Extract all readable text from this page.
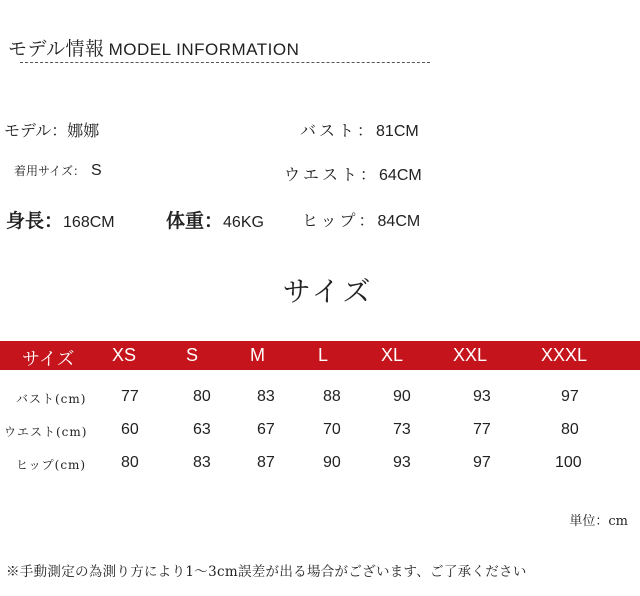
モデル情報 MODEL INFORMATION
モデル：娜娜
着用サイズ： S
身長：168CM	体重：46KG
バスト：81CM
ウエスト：64CM
ヒップ：84CM
サイズ
サイズ XS	S	M	L	XL	XXL	XXXL
バスト(cm) 77	80	83	88	90	93	97
ウエスト(cm) 60	63	67	70	73	77	80
ヒップ(cm) 80	83	87	90	93	97	100
単位：cm
※手動測定の為測り方により1〜3cm誤差が出る場合がございます、ご了承ください
